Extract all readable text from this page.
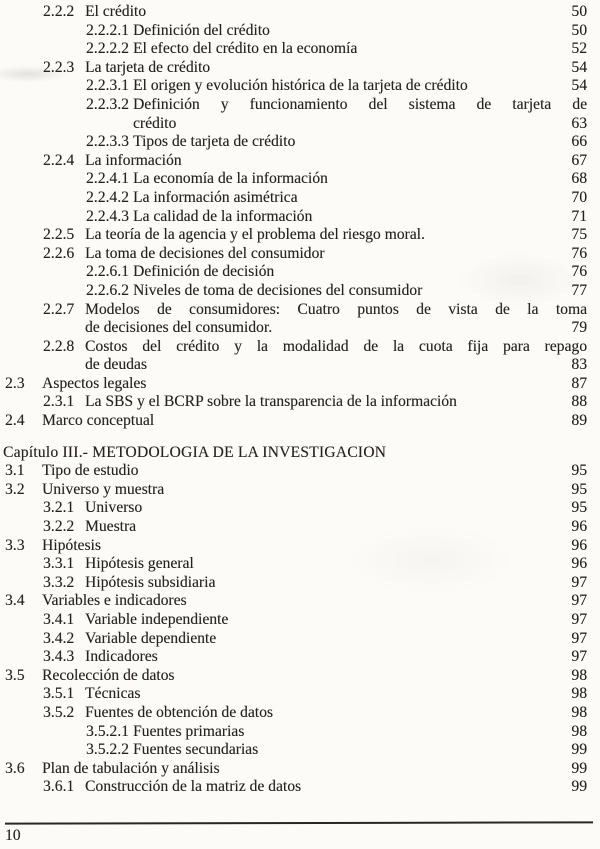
2.2.2 El crédito	50
2.2.2.1 Definición del crédito	50
2.2.2.2 El efecto del crédito en la economía	52
2.2.3 La tarjeta de crédito	54
2.2.3.1 El origen y evolución histórica de la tarjeta de crédito	54
2.2.3.2 Definición y funcionamiento del sistema de tarjeta de
crédito	63
2.2.3.3 Tipos de tarjeta de crédito	66
2.2.4 La información	67
2.2.4.1 La economía de la información	68
2.2.4.2 La información asimétrica	70
2.2.4.3 La calidad de la información	71
2.2.5 La teoría de la agencia y el problema del riesgo moral.	75
2.2.6 La toma de decisiones del consumidor	76
2.2.6.1 Definición de decisión	76
2.2.6.2 Niveles de toma de decisiones del consumidor	77
2.2.7 Modelos de consumidores: Cuatro puntos de vista de la toma
de decisiones del consumidor.	79
2.2.8 Costos del crédito y la modalidad de la cuota fija para repago
de deudas	83
2.3	Aspectos legales	87
2.3.1 La SBS y el BCRP sobre la transparencia de la información	88
2.4	Marco conceptual	89
Capítulo III.- METODOLOGIA DE LA INVESTIGACION
3.1	Tipo de estudio	95
3.2	Universo y muestra	95
3.2.1 Universo	95
3.2.2 Muestra	96
3.3	Hipótesis	96
3.3.1 Hipótesis general	96
3.3.2 Hipótesis subsidiaria	97
3.4	Variables e indicadores	97
3.4.1 Variable independiente	97
3.4.2 Variable dependiente	97
3.4.3 Indicadores	97
3.5	Recolección de datos	98
3.5.1 Técnicas	98
3.5.2 Fuentes de obtención de datos	98
3.5.2.1 Fuentes primarias	98
3.5.2.2 Fuentes secundarias	99
3.6	Plan de tabulación y análisis	99
3.6.1 Construcción de la matriz de datos	99
10
